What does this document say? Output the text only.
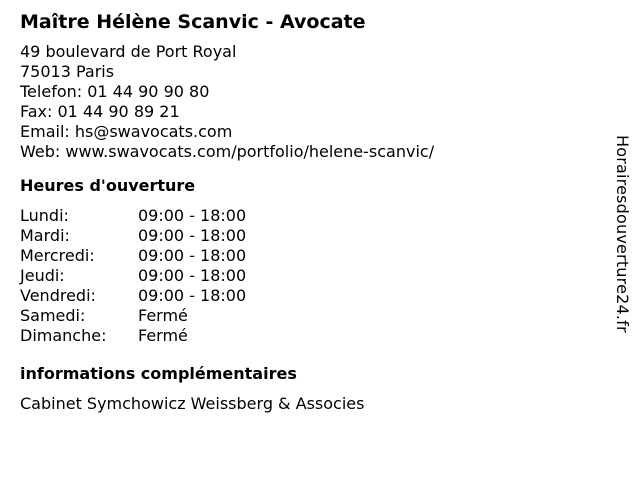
Maître Hélène Scanvic - Avocate
49 boulevard de Port Royal
75013 Paris
Telefon: 01 44 90 90 80
Fax: 01 44 90 89 21
Email: hs@swavocats.com
Web: www.swavocats.com/portfolio/helene-scanvic/
Heures d'ouverture
Lundi:	09:00 - 18:00
Mardi:	09:00 - 18:00
Mercredi:	09:00 - 18:00
Jeudi:	09:00 - 18:00
Vendredi:	09:00 - 18:00
Samedi:	Fermé
Dimanche:	Fermé
informations complémentaires
Cabinet Symchowicz Weissberg & Associes
Horairesdouverture24.fr
